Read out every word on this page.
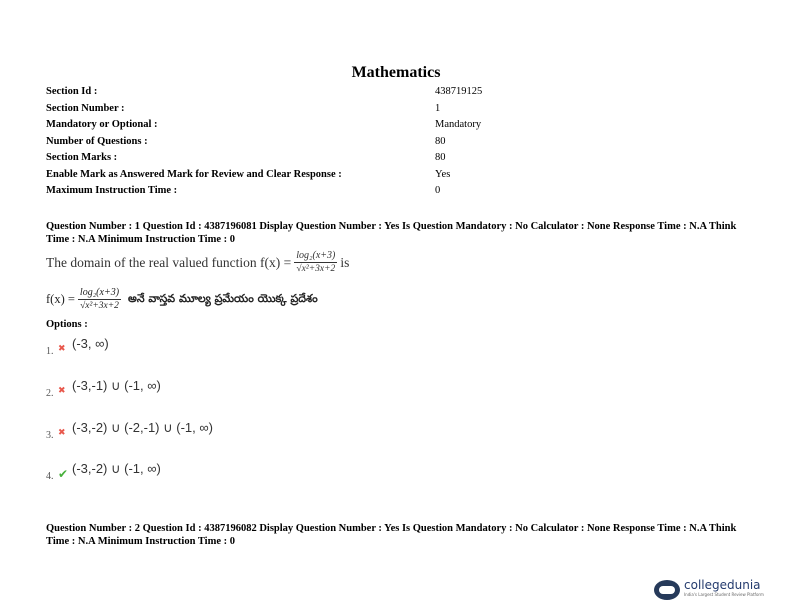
Mathematics
Section Id :	438719125
Section Number :	1
Mandatory or Optional :	Mandatory
Number of Questions :	80
Section Marks :	80
Enable Mark as Answered Mark for Review and Clear Response :	Yes
Maximum Instruction Time :	0
Question Number : 1 Question Id : 4387196081 Display Question Number : Yes Is Question Mandatory : No Calculator : None Response Time : N.A Think Time : N.A Minimum Instruction Time : 0
The domain of the real valued function $f(x) = \frac{\text{log₂(x+3)}}{\text{√x²+3x+2}}$ is
$f(x) = \frac{\text{log₂(x+3)}}{\text{√x²+3x+2}}$ అనే వాస్తవ మూల్య ప్రమేయం యొక్క ప్రదేశం
Options :
1. ✖ (-3, ∞)
2. ✖ (-3,-1) ∪ (-1, ∞)
3. ✖ (-3,-2) ∪ (-2,-1) ∪ (-1, ∞)
4. ✔ (-3,-2) ∪ (-1, ∞)
Question Number : 2 Question Id : 4387196082 Display Question Number : Yes Is Question Mandatory : No Calculator : None Response Time : N.A Think Time : N.A Minimum Instruction Time : 0
collegedunia
India's Largest Student Review Platform
